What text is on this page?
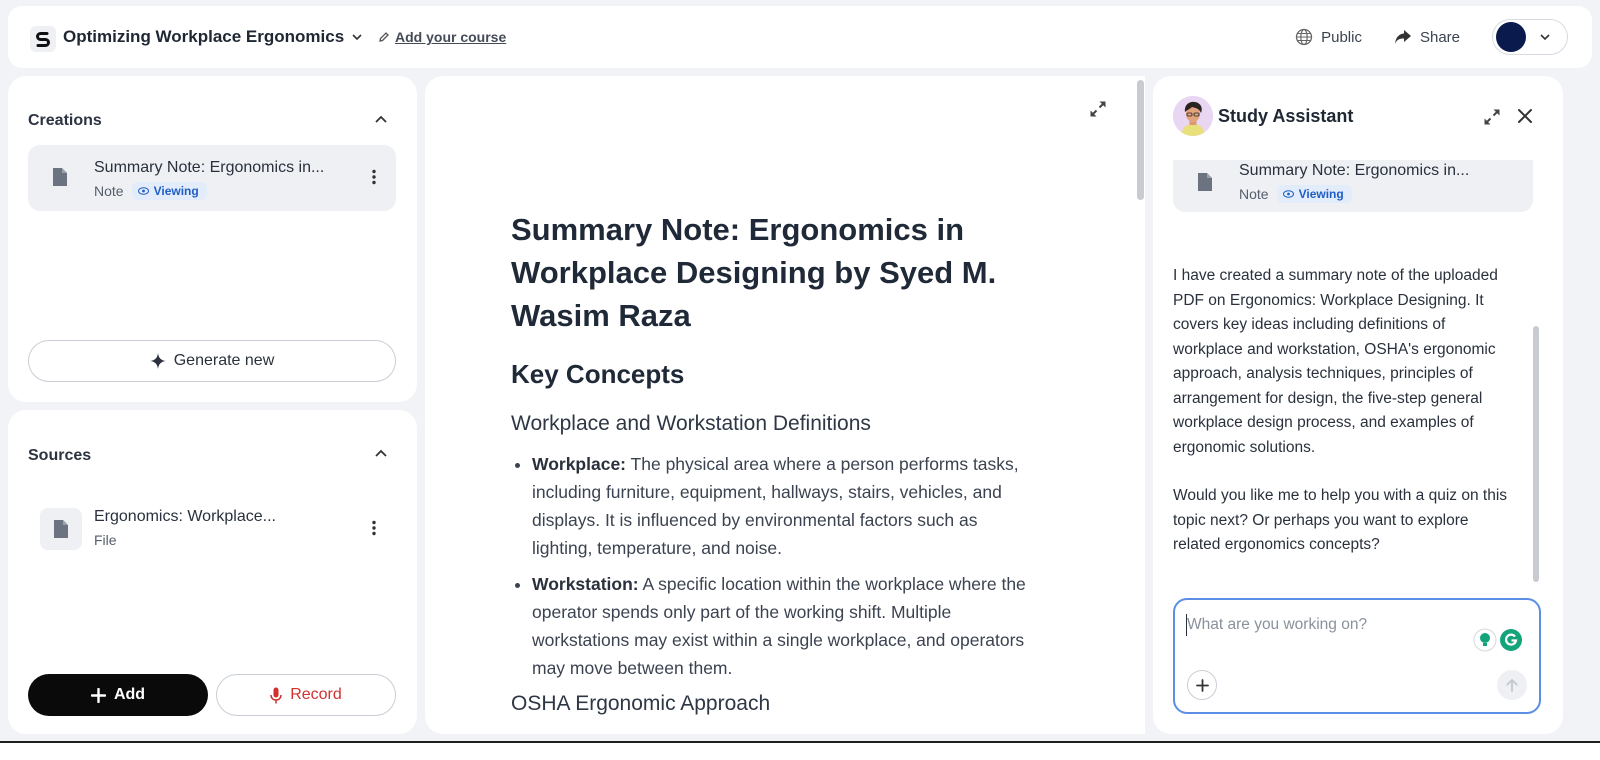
Optimizing Workplace Ergonomics	Add your course	Public	Share
Creations
Summary Note: Ergonomics in...
Note	Viewing
Generate new
Sources
Ergonomics: Workplace...
File
Add	Record
Summary Note: Ergonomics in Workplace Designing by Syed M. Wasim Raza
Key Concepts
Workplace and Workstation Definitions
• Workplace: The physical area where a person performs tasks, including furniture, equipment, hallways, stairs, vehicles, and displays. It is influenced by environmental factors such as lighting, temperature, and noise.
• Workstation: A specific location within the workplace where the operator spends only part of the working shift. Multiple workstations may exist within a single workplace, and operators may move between them.
OSHA Ergonomic Approach
Study Assistant
Summary Note: Ergonomics in...
Note	Viewing

I have created a summary note of the uploaded PDF on Ergonomics: Workplace Designing. It covers key ideas including definitions of workplace and workstation, OSHA's ergonomic approach, analysis techniques, principles of arrangement for design, the five-step general workplace design process, and examples of ergonomic solutions.

Would you like me to help you with a quiz on this topic next? Or perhaps you want to explore related ergonomics concepts?

What are you working on?
